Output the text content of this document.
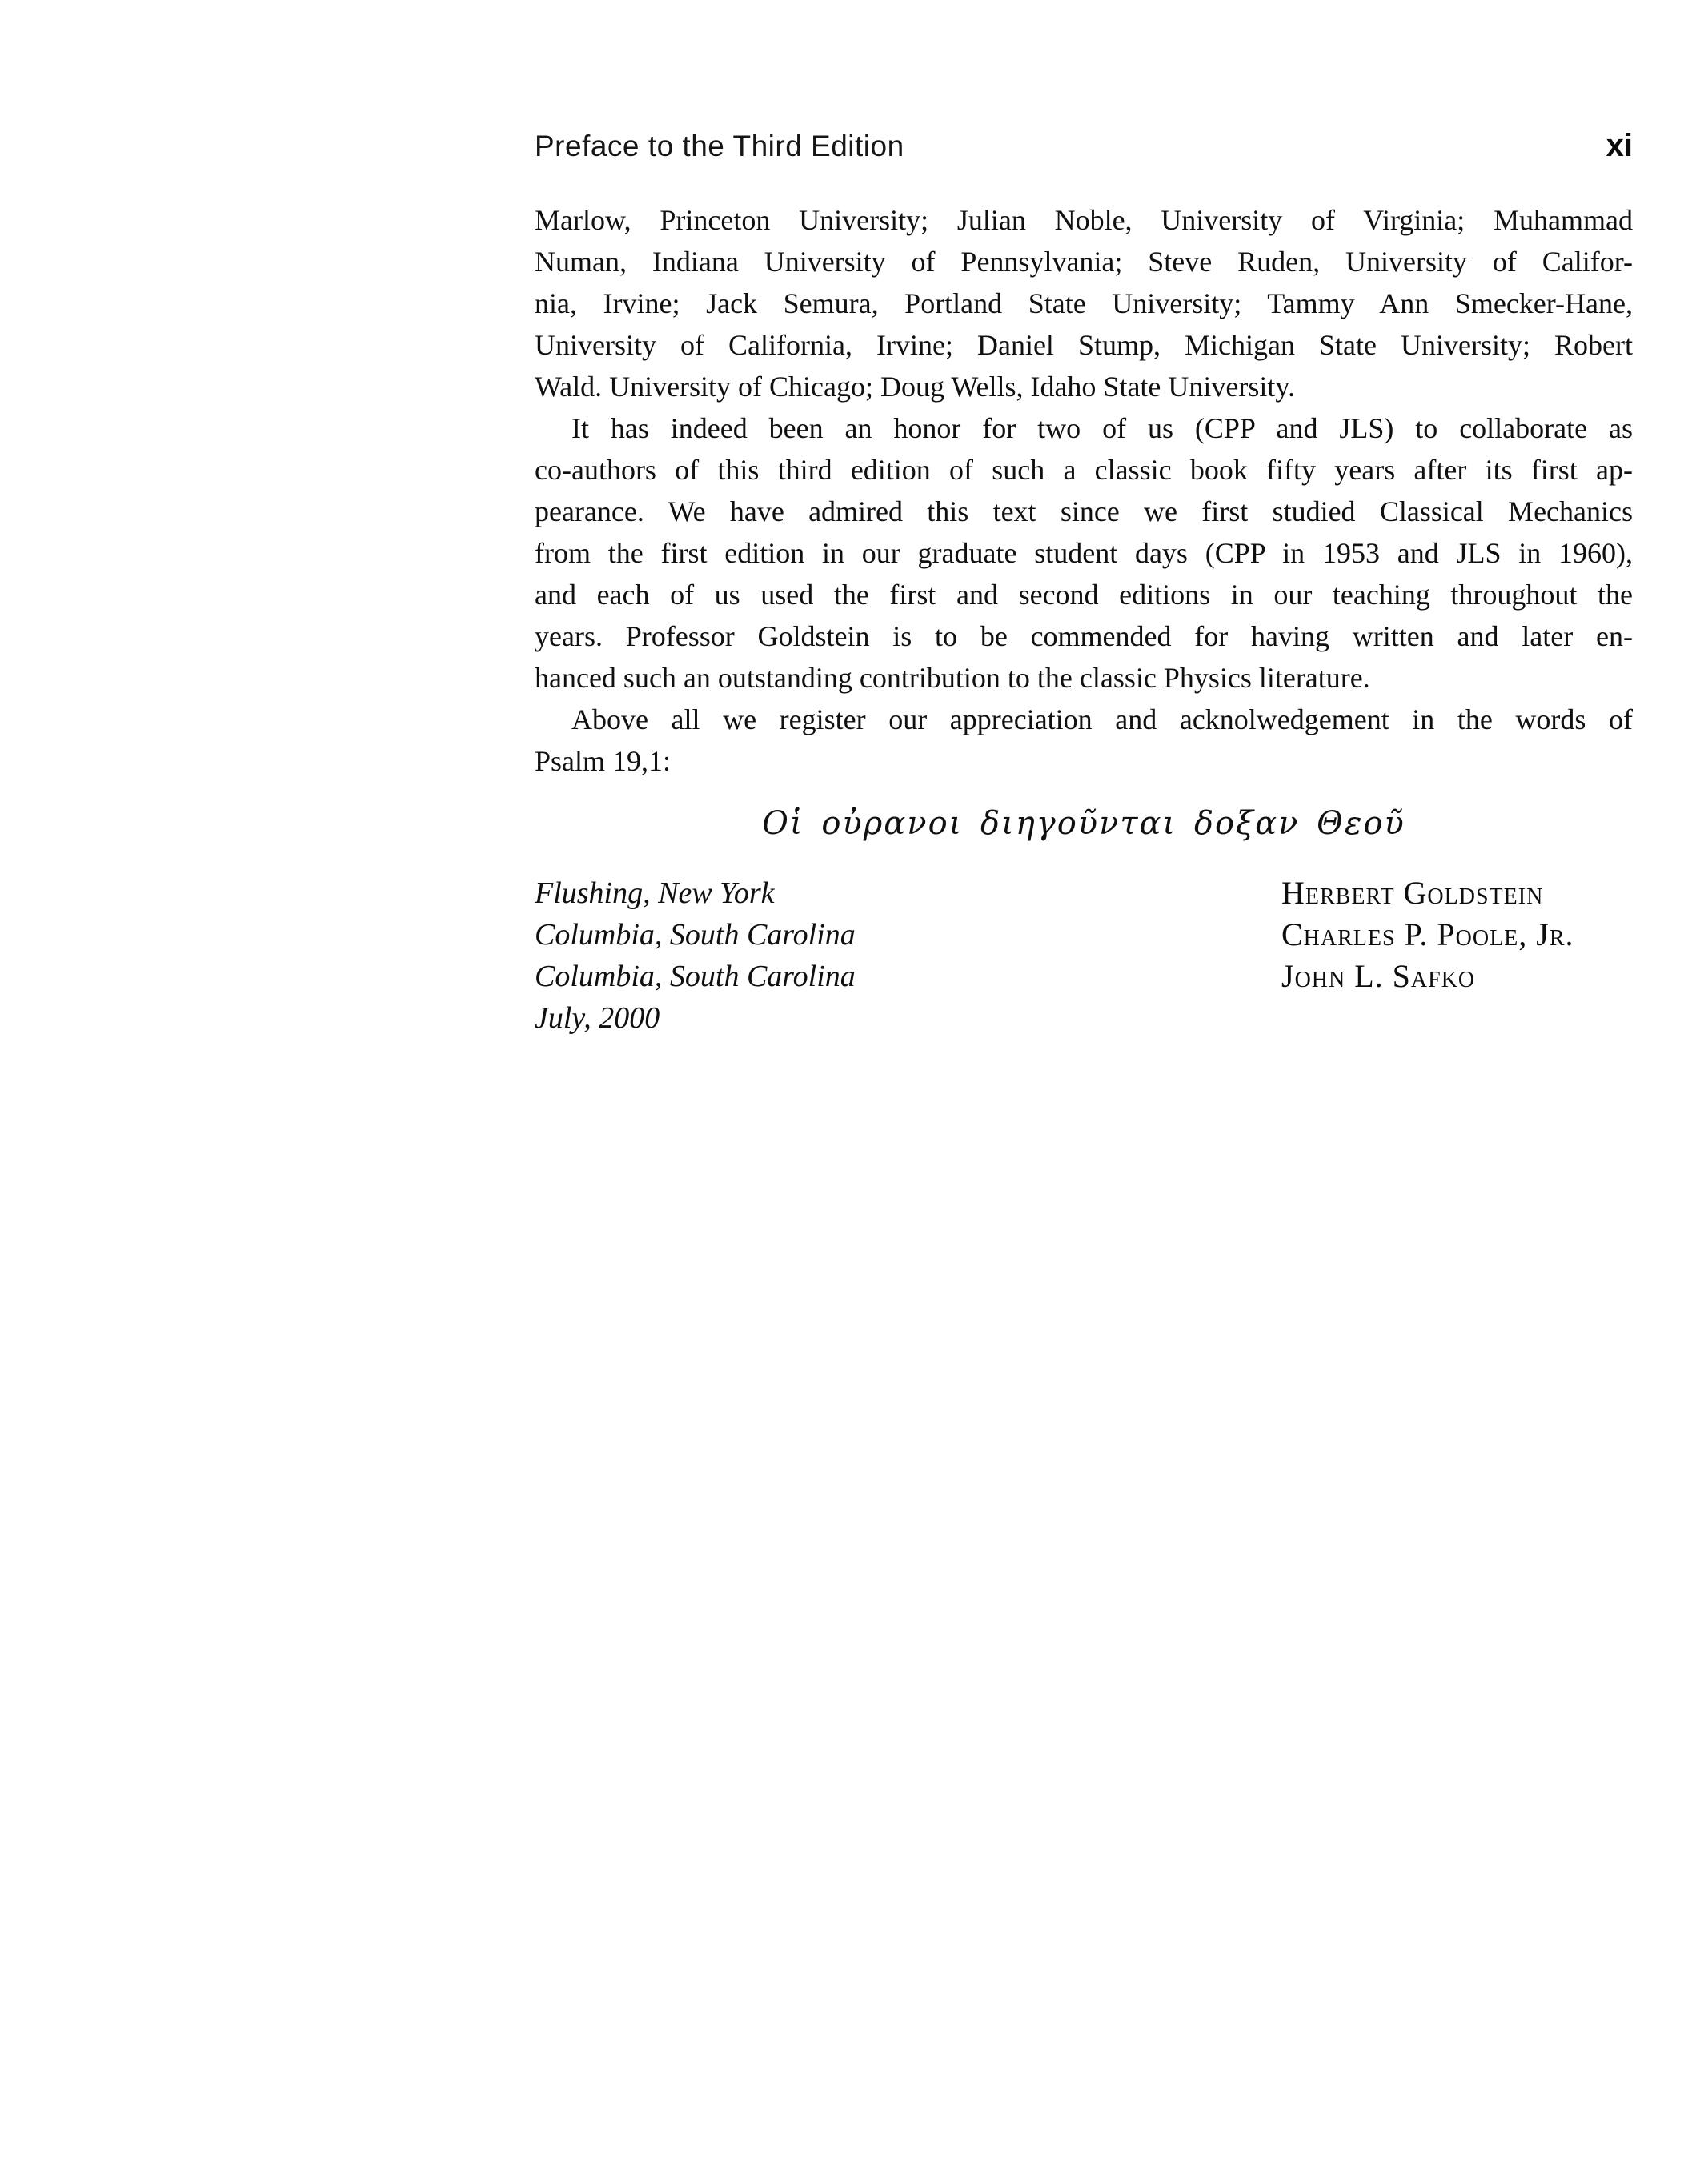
Preface to the Third Edition	xi

Marlow, Princeton University; Julian Noble, University of Virginia; Muhammad
Numan, Indiana University of Pennsylvania; Steve Ruden, University of Califor-
nia, Irvine; Jack Semura, Portland State University; Tammy Ann Smecker-Hane,
University of California, Irvine; Daniel Stump, Michigan State University; Robert
Wald. University of Chicago; Doug Wells, Idaho State University.

It has indeed been an honor for two of us (CPP and JLS) to collaborate as
co-authors of this third edition of such a classic book fifty years after its first ap-
pearance. We have admired this text since we first studied Classical Mechanics
from the first edition in our graduate student days (CPP in 1953 and JLS in 1960),
and each of us used the first and second editions in our teaching throughout the
years. Professor Goldstein is to be commended for having written and later en-
hanced such an outstanding contribution to the classic Physics literature.

Above all we register our appreciation and acknolwedgement in the words of
Psalm 19,1:

Οἱ οὐρανοι διηγοῦνται δοξαν Θεοῦ
Flushing, New York
Columbia, South Carolina
Columbia, South Carolina
July, 2000
Herbert Goldstein
Charles P. Poole, Jr.
John L. Safko
